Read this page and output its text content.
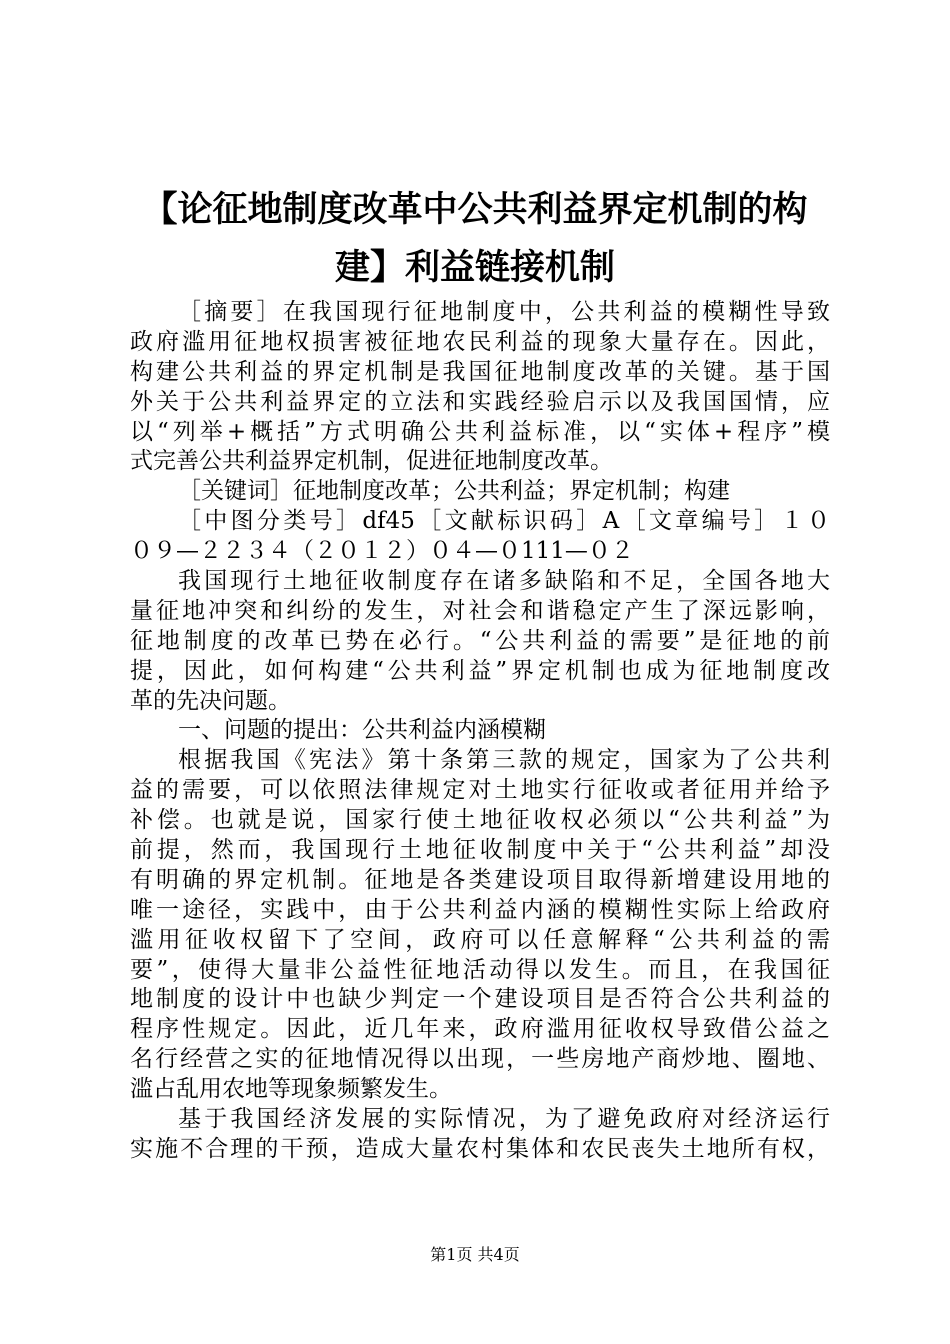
【论征地制度改革中公共利益界定机制的构
建】利益链接机制
［摘要］在我国现行征地制度中，公共利益的模糊性导致
政府滥用征地权损害被征地农民利益的现象大量存在。因此，
构建公共利益的界定机制是我国征地制度改革的关键。基于国
外关于公共利益界定的立法和实践经验启示以及我国国情，应
以“列举+概括”方式明确公共利益标准，以“实体+程序”模
式完善公共利益界定机制，促进征地制度改革。
［关键词］征地制度改革；公共利益；界定机制；构建
［中图分类号］df45［文献标识码］A［文章编号］１０
０９—２２３４（２０１２）０４—０111—０２
我国现行土地征收制度存在诸多缺陷和不足，全国各地大
量征地冲突和纠纷的发生，对社会和谐稳定产生了深远影响，
征地制度的改革已势在必行。“公共利益的需要”是征地的前
提，因此，如何构建“公共利益”界定机制也成为征地制度改
革的先决问题。
一、问题的提出：公共利益内涵模糊
根据我国《宪法》第十条第三款的规定，国家为了公共利
益的需要，可以依照法律规定对土地实行征收或者征用并给予
补偿。也就是说，国家行使土地征收权必须以“公共利益”为
前提，然而，我国现行土地征收制度中关于“公共利益”却没
有明确的界定机制。征地是各类建设项目取得新增建设用地的
唯一途径，实践中，由于公共利益内涵的模糊性实际上给政府
滥用征收权留下了空间，政府可以任意解释“公共利益的需
要”，使得大量非公益性征地活动得以发生。而且，在我国征
地制度的设计中也缺少判定一个建设项目是否符合公共利益的
程序性规定。因此，近几年来，政府滥用征收权导致借公益之
名行经营之实的征地情况得以出现，一些房地产商炒地、圈地、
滥占乱用农地等现象频繁发生。
基于我国经济发展的实际情况，为了避免政府对经济运行
实施不合理的干预，造成大量农村集体和农民丧失土地所有权，
第1页 共4页
